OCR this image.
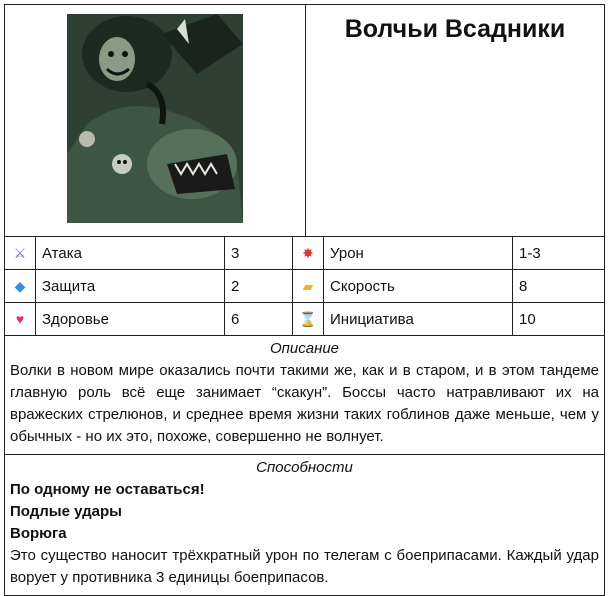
Волчьи Всадники
⚔	Атака	3	✸	Урон	1-3
◆	Защита	2	▰	Скорость	8
♥	Здоровье	6	⌛	Инициатива	10
Описание
Волки в новом мире оказались почти такими же, как и в старом, и в этом тандеме главную роль всё еще занимает “скакун”. Боссы часто натравливают их на вражеских стрелюнов, и среднее время жизни таких гоблинов даже меньше, чем у обычных - но их это, похоже, совершенно не волнует.
Способности
По одному не оставаться!
Подлые удары
Ворюга
Это существо наносит трёхкратный урон по телегам с боеприпасами. Каждый удар ворует у противника 3 единицы боеприпасов.
